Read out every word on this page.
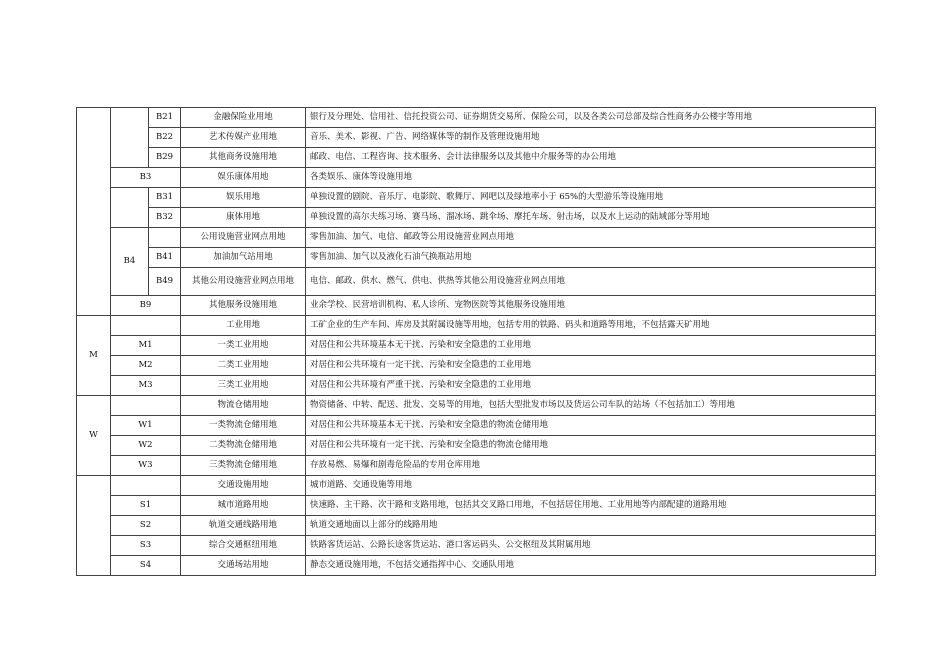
		B21	金融保险业用地	银行及分理处、信用社、信托投资公司、证券期货交易所、保险公司，以及各类公司总部及综合性商务办公楼宇等用地
		B22	艺术传媒产业用地	音乐、美术、影视、广告、网络媒体等的制作及管理设施用地
		B29	其他商务设施用地	邮政、电信、工程咨询、技术服务、会计法律服务以及其他中介服务等的办公用地
	B3		娱乐康体用地	各类娱乐、康体等设施用地
		B31	娱乐用地	单独设置的剧院、音乐厅、电影院、歌舞厅、网吧以及绿地率小于 65%的大型游乐等设施用地
		B32	康体用地	单独设置的高尔夫练习场、赛马场、溜冰场、跳伞场、摩托车场、射击场，以及水上运动的陆域部分等用地
	B4		公用设施营业网点用地	零售加油、加气、电信、邮政等公用设施营业网点用地
		B41	加油加气站用地	零售加油、加气以及液化石油气换瓶站用地
		B49	其他公用设施营业网点用地	电信、邮政、供水、燃气、供电、供热等其他公用设施营业网点用地
	B9		其他服务设施用地	业余学校、民营培训机构、私人诊所、宠物医院等其他服务设施用地
M			工业用地	工矿企业的生产车间、库房及其附属设施等用地，包括专用的铁路、码头和道路等用地，不包括露天矿用地
	M1		一类工业用地	对居住和公共环境基本无干扰、污染和安全隐患的工业用地
	M2		二类工业用地	对居住和公共环境有一定干扰、污染和安全隐患的工业用地
	M3		三类工业用地	对居住和公共环境有严重干扰、污染和安全隐患的工业用地
W			物流仓储用地	物资储备、中转、配送、批发、交易等的用地，包括大型批发市场以及货运公司车队的站场（不包括加工）等用地
	W1		一类物流仓储用地	对居住和公共环境基本无干扰、污染和安全隐患的物流仓储用地
	W2		二类物流仓储用地	对居住和公共环境有一定干扰、污染和安全隐患的物流仓储用地
	W3		三类物流仓储用地	存放易燃、易爆和剧毒危险品的专用仓库用地
			交通设施用地	城市道路、交通设施等用地
	S1		城市道路用地	快速路、主干路、次干路和支路用地，包括其交叉路口用地，不包括居住用地、工业用地等内部配建的道路用地
	S2		轨道交通线路用地	轨道交通地面以上部分的线路用地
	S3		综合交通枢纽用地	铁路客货运站、公路长途客货运站、港口客运码头、公交枢纽及其附属用地
	S4		交通场站用地	静态交通设施用地，不包括交通指挥中心、交通队用地
